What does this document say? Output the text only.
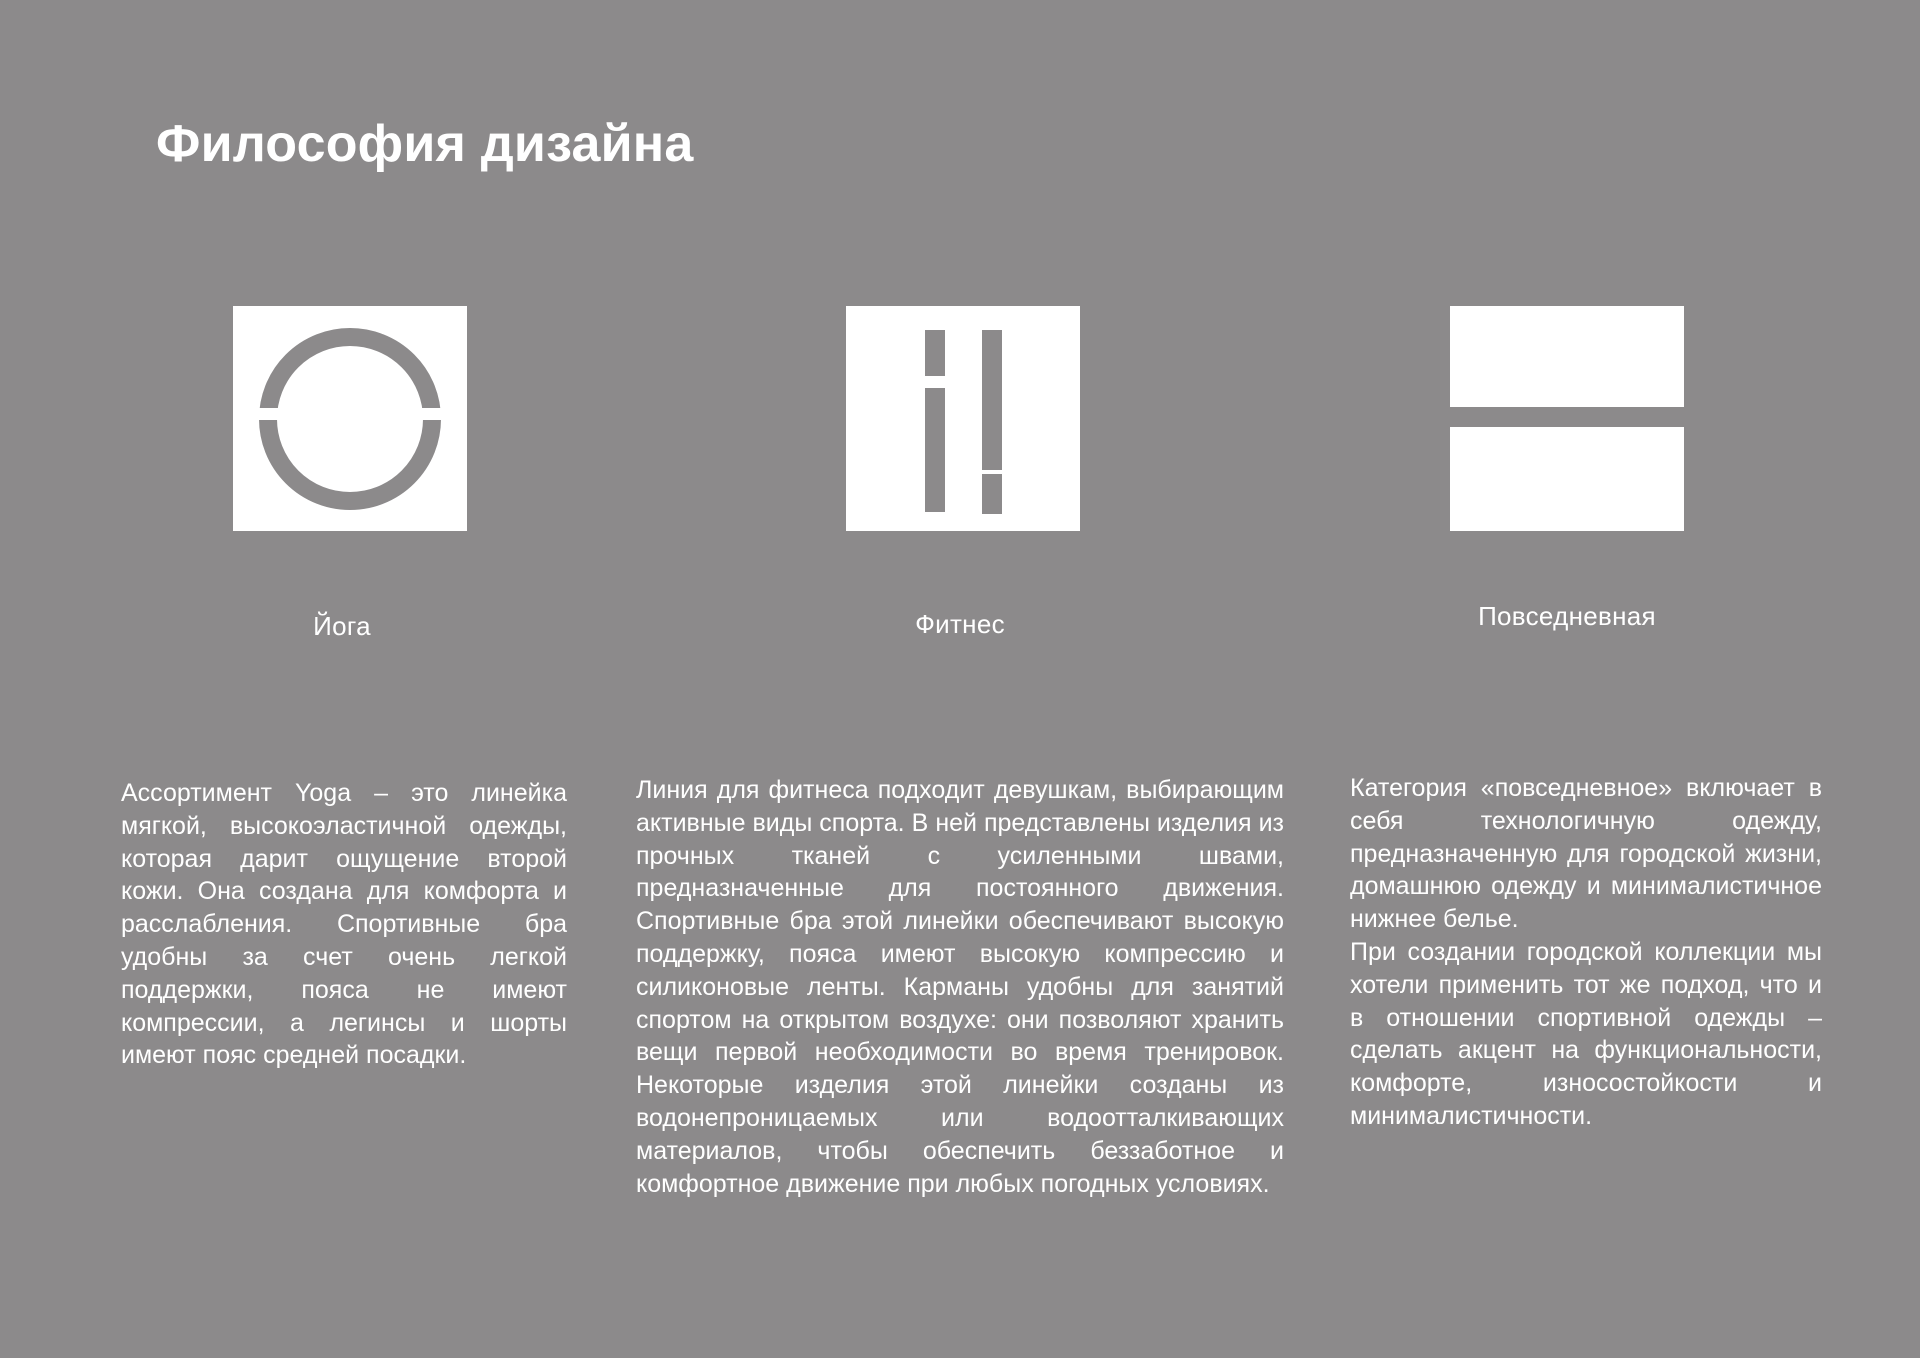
Философия дизайна
Йога	Фитнес	Повседневная

Ассортимент Yoga – это линейка мягкой, высокоэластичной одежды, которая дарит ощущение второй кожи. Она создана для комфорта и расслабления. Спортивные бра удобны за счет очень легкой поддержки, пояса не имеют компрессии, а легинсы и шорты имеют пояс средней посадки.

Линия для фитнеса подходит девушкам, выбирающим активные виды спорта. В ней представлены изделия из прочных тканей с усиленными швами, предназначенные для постоянного движения. Спортивные бра этой линейки обеспечивают высокую поддержку, пояса имеют высокую компрессию и силиконовые ленты. Карманы удобны для занятий спортом на открытом воздухе: они позволяют хранить вещи первой необходимости во время тренировок. Некоторые изделия этой линейки созданы из водонепроницаемых или водоотталкивающих материалов, чтобы обеспечить беззаботное и комфортное движение при любых погодных условиях.

Категория «повседневное» включает в себя технологичную одежду, предназначенную для городской жизни, домашнюю одежду и минималистичное нижнее белье.

При создании городской коллекции мы хотели применить тот же подход, что и в отношении спортивной одежды – сделать акцент на функциональности, комфорте, износостойкости и минималистичности.
